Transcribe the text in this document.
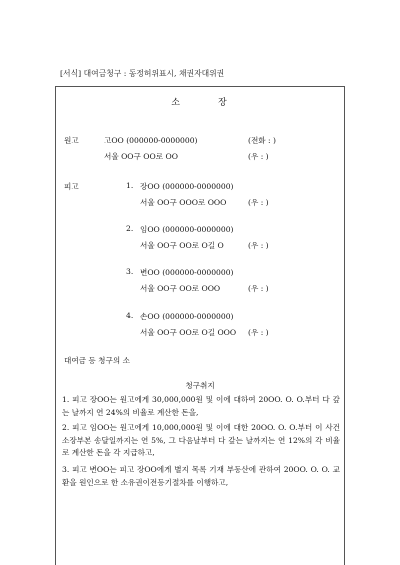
[서식] 대여금청구 : 동정허위표시, 채권자대위권
소	장
원고	고OO (000000-0000000)	(전화 : )
서울 OO구 OO로 OO	(우 : )
피고	1. 장OO (000000-0000000)
서울 OO구 OOO로 OOO	(우 : )
2. 임OO (000000-0000000)
서울 OO구 OO로 O길 O	(우 : )
3. 변OO (000000-0000000)
서울 OO구 OO로 OOO	(우 : )
4. 손OO (000000-0000000)
서울 OO구 OO로 O길 OOO (우 : )
대여금 등 청구의 소
청구취지
1. 피고 장OO는 원고에게 30,000,000원 및 이에 대하여 20OO. O. O.부터 다 갚는 날까지 연 24%의 비율로 계산한 돈을,
2. 피고 임OO는 원고에게 10,000,000원 및 이에 대한 20OO. O. O.부터 이 사건 소장부본 송달일까지는 연 5%, 그 다음날부터 다 갚는 날까지는 연 12%의 각 비율로 계산한 돈을 각 지급하고,
3. 피고 변OO는 피고 장OO에게 별지 목록 기재 부동산에 관하여 20OO. O. O. 교환을 원인으로 한 소유권이전등기절차를 이행하고,
